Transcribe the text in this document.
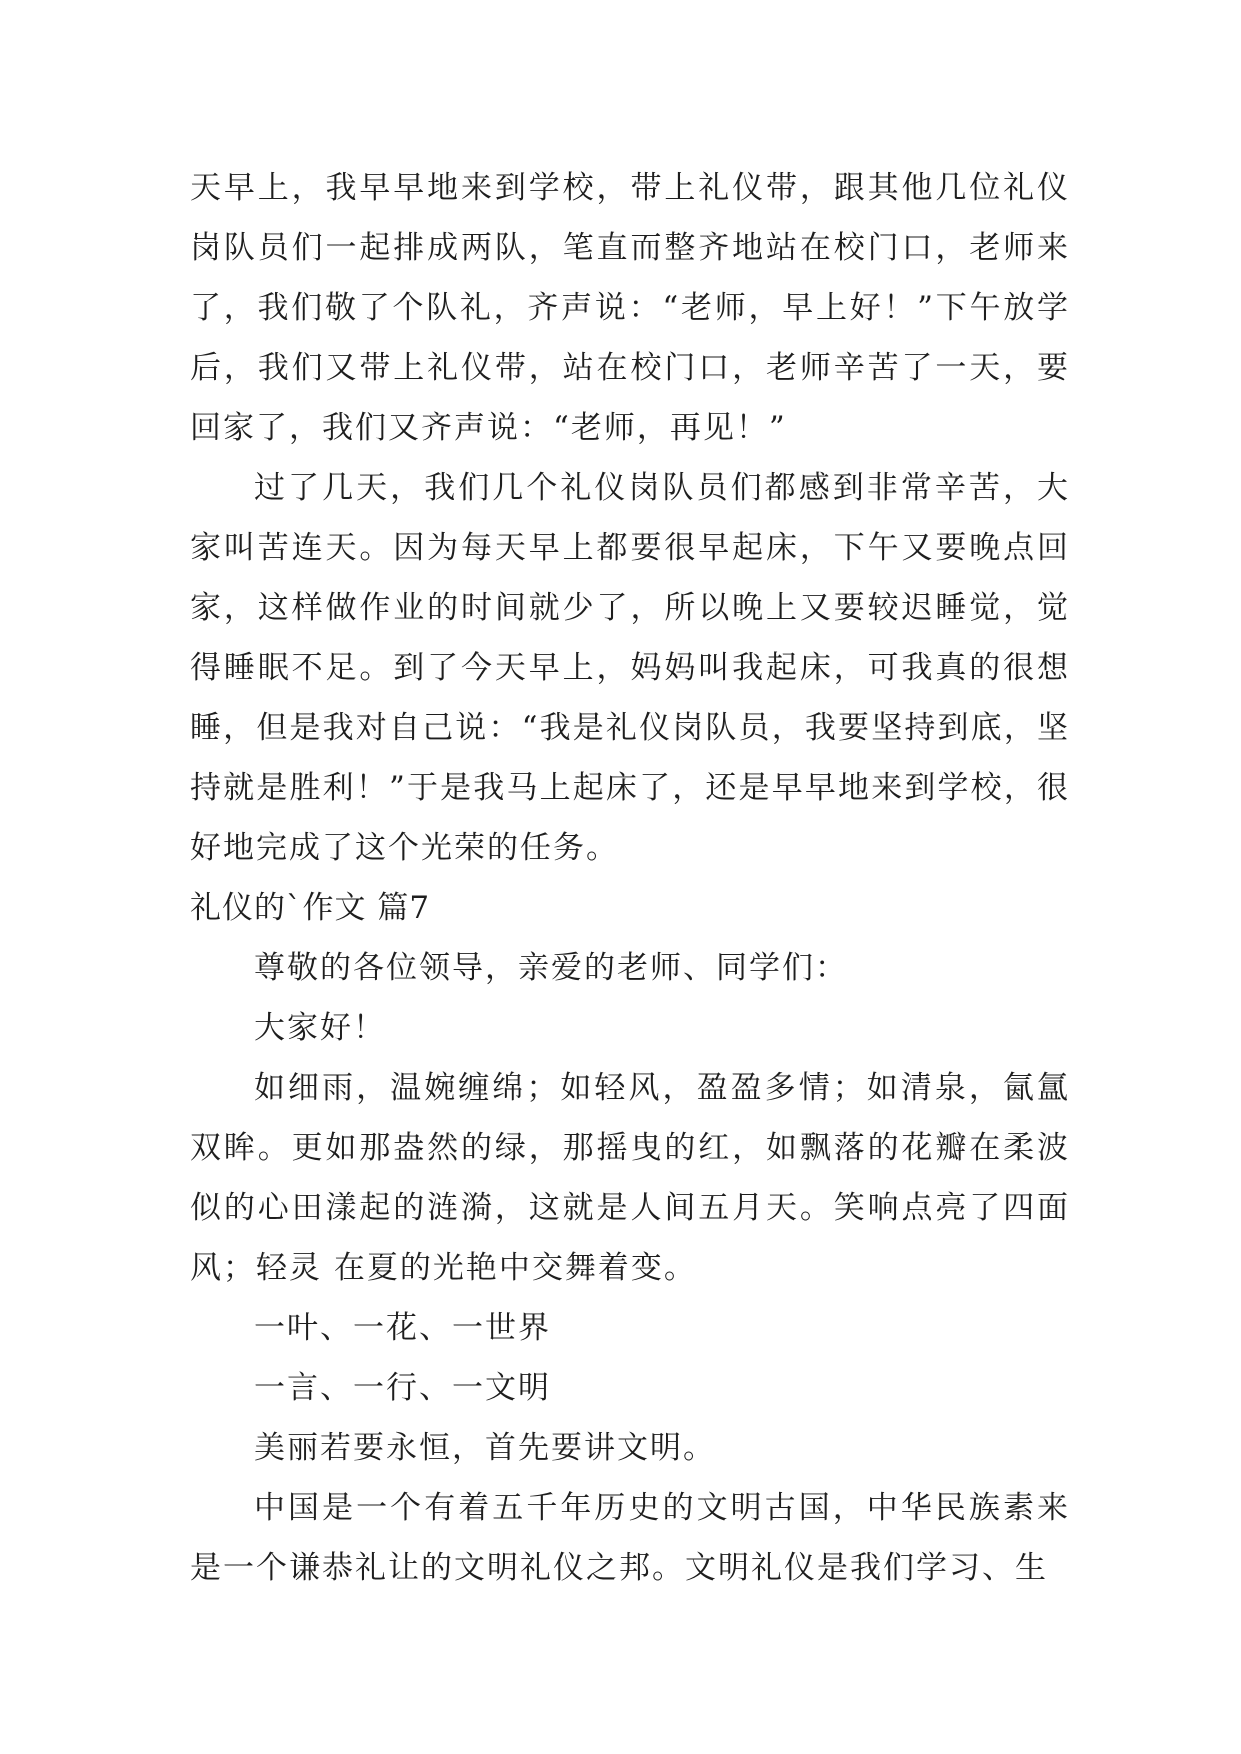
天早上，我早早地来到学校，带上礼仪带，跟其他几位礼仪岗队员们一起排成两队，笔直而整齐地站在校门口，老师来了，我们敬了个队礼，齐声说：“老师，早上好！”下午放学后，我们又带上礼仪带，站在校门口，老师辛苦了一天，要回家了，我们又齐声说：“老师，再见！”

过了几天，我们几个礼仪岗队员们都感到非常辛苦，大家叫苦连天。因为每天早上都要很早起床，下午又要晚点回家，这样做作业的时间就少了，所以晚上又要较迟睡觉，觉得睡眠不足。到了今天早上，妈妈叫我起床，可我真的很想睡，但是我对自己说：“我是礼仪岗队员，我要坚持到底，坚持就是胜利！”于是我马上起床了，还是早早地来到学校，很好地完成了这个光荣的任务。

礼仪的`作文 篇7

尊敬的各位领导，亲爱的老师、同学们：

大家好！

如细雨，温婉缠绵；如轻风，盈盈多情；如清泉，氤氲双眸。更如那盎然的绿，那摇曳的红，如飘落的花瓣在柔波似的心田漾起的涟漪，这就是人间五月天。笑响点亮了四面风；轻灵 在夏的光艳中交舞着变。

一叶、一花、一世界

一言、一行、一文明

美丽若要永恒，首先要讲文明。

中国是一个有着五千年历史的文明古国，中华民族素来是一个谦恭礼让的文明礼仪之邦。文明礼仪是我们学习、生
